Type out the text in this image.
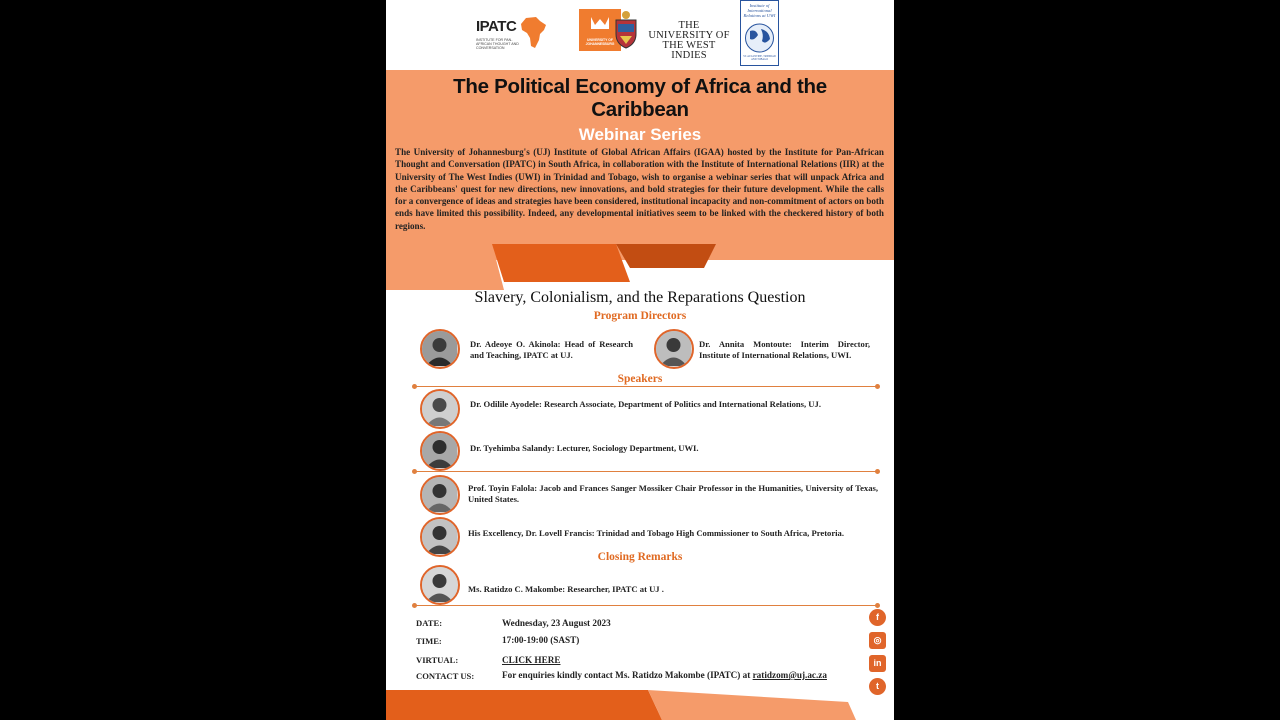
IPATC
INSTITUTE FOR PAN-AFRICAN THOUGHT AND CONVERSATION
UNIVERSITY OF JOHANNESBURG
THE UNIVERSITY OF THE WEST INDIES
Institute of International Relations at UWI
ST. AUGUSTINE, TRINIDAD AND TOBAGO
The Political Economy of Africa and the Caribbean
Webinar Series
The University of Johannesburg's (UJ) Institute of Global African Affairs (IGAA) hosted by the Institute for Pan-African Thought and Conversation (IPATC) in South Africa, in collaboration with the Institute of International Relations (IIR) at the University of The West Indies (UWI) in Trinidad and Tobago, wish to organise a webinar series that will unpack Africa and the Caribbeans' quest for new directions, new innovations, and bold strategies for their future development. While the calls for a convergence of ideas and strategies have been considered, institutional incapacity and non-commitment of actors on both ends have limited this possibility. Indeed, any developmental initiatives seem to be linked with the checkered history of both regions.
Slavery, Colonialism, and the Reparations Question
Program Directors
Dr. Adeoye O. Akinola: Head of Research and Teaching, IPATC at UJ.
Dr. Annita Montoute: Interim Director, Institute of International Relations, UWI.
Speakers
Dr. Odilile Ayodele: Research Associate, Department of Politics and International Relations, UJ.
Dr. Tyehimba Salandy: Lecturer, Sociology Department, UWI.
Prof. Toyin Falola: Jacob and Frances Sanger Mossiker Chair Professor in the Humanities, University of Texas, United States.
His Excellency, Dr. Lovell Francis: Trinidad and Tobago High Commissioner to South Africa, Pretoria.
Closing Remarks
Ms. Ratidzo C. Makombe: Researcher, IPATC at UJ .
DATE:	Wednesday, 23 August 2023
TIME:	17:00-19:00 (SAST)
VIRTUAL:	CLICK HERE
CONTACT US:	For enquiries kindly contact Ms. Ratidzo Makombe (IPATC) at ratidzom@uj.ac.za
f
◎
in
t
